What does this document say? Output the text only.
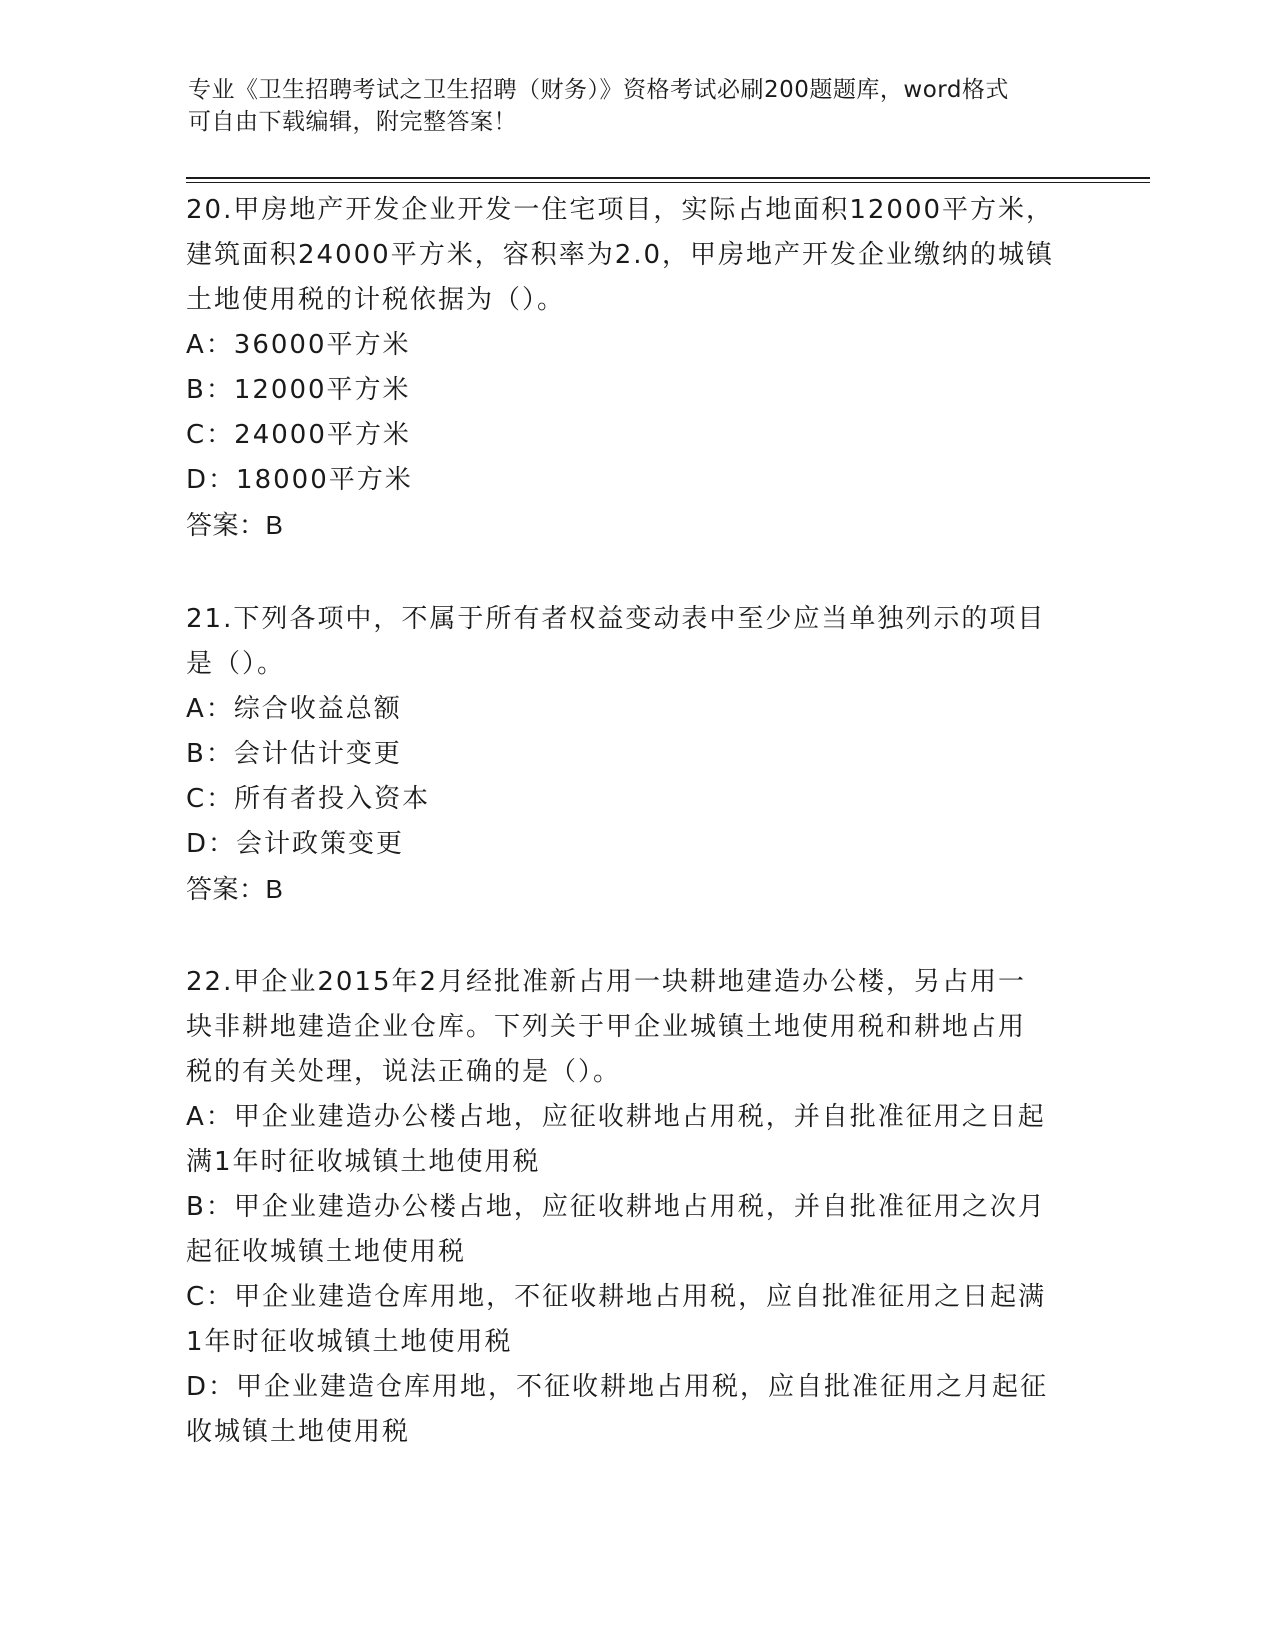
专业《卫生招聘考试之卫生招聘（财务）》资格考试必刷200题题库，word格式
可自由下载编辑，附完整答案！
20.甲房地产开发企业开发一住宅项目，实际占地面积12000平方米，
建筑面积24000平方米，容积率为2.0，甲房地产开发企业缴纳的城镇
土地使用税的计税依据为（）。
A：36000平方米
B：12000平方米
C：24000平方米
D：18000平方米
答案：B
21.下列各项中，不属于所有者权益变动表中至少应当单独列示的项目
是（）。
A：综合收益总额
B：会计估计变更
C：所有者投入资本
D：会计政策变更
答案：B
22.甲企业2015年2月经批准新占用一块耕地建造办公楼，另占用一
块非耕地建造企业仓库。下列关于甲企业城镇土地使用税和耕地占用
税的有关处理，说法正确的是（）。
A：甲企业建造办公楼占地，应征收耕地占用税，并自批准征用之日起
满1年时征收城镇土地使用税
B：甲企业建造办公楼占地，应征收耕地占用税，并自批准征用之次月
起征收城镇土地使用税
C：甲企业建造仓库用地，不征收耕地占用税，应自批准征用之日起满
1年时征收城镇土地使用税
D：甲企业建造仓库用地，不征收耕地占用税，应自批准征用之月起征
收城镇土地使用税
